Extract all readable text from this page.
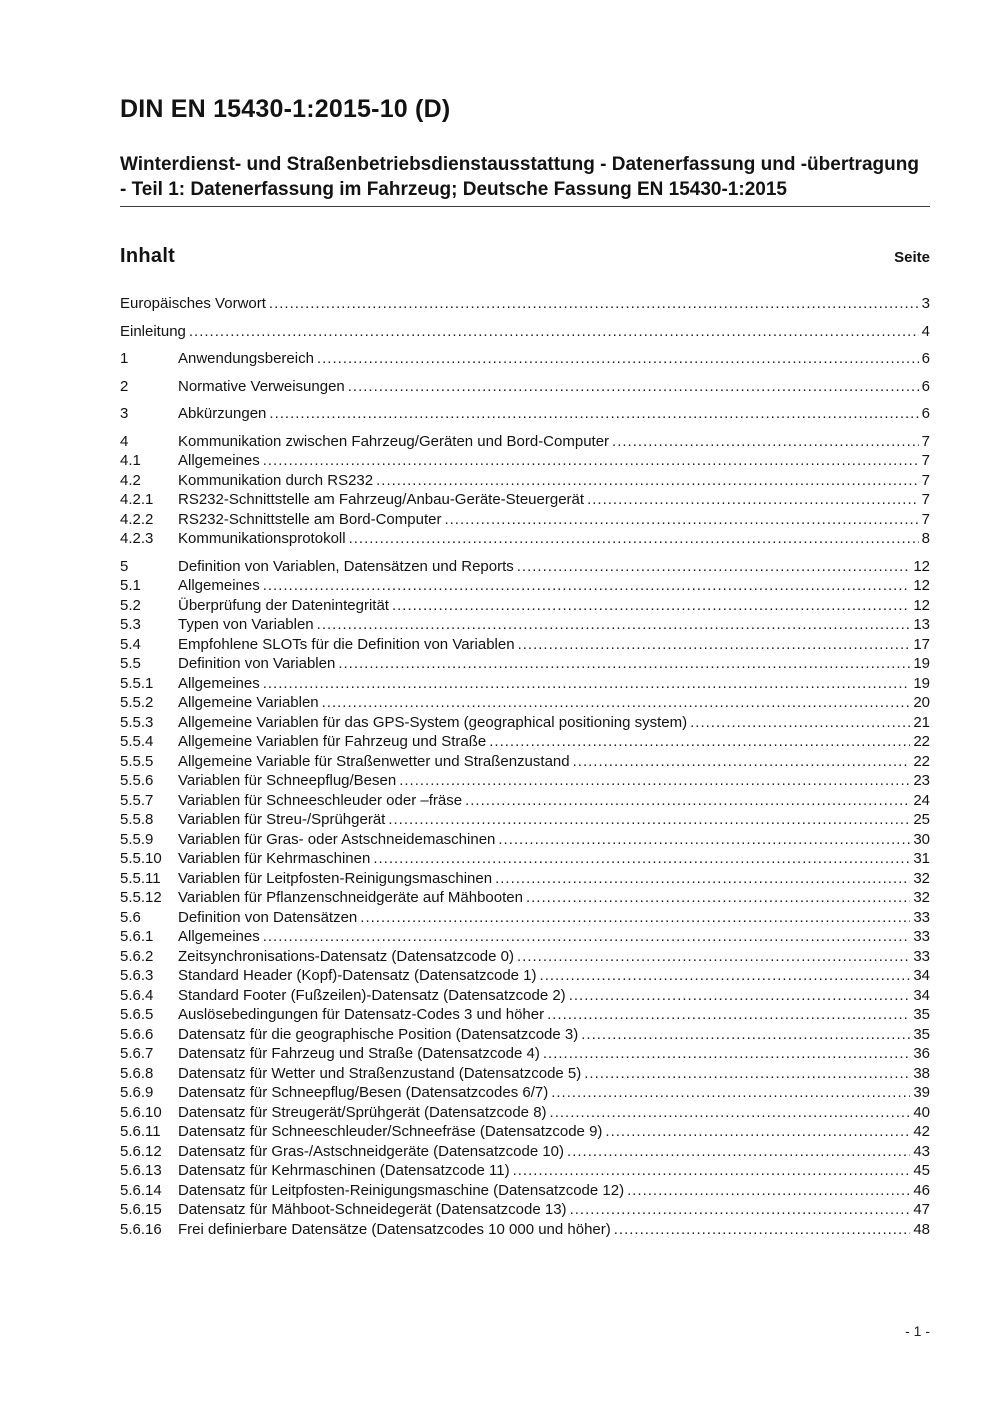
DIN EN 15430-1:2015-10 (D)
Winterdienst- und Straßenbetriebsdienstausstattung - Datenerfassung und -übertragung - Teil 1: Datenerfassung im Fahrzeug; Deutsche Fassung EN 15430-1:2015
Inhalt	Seite
Europäisches Vorwort .....	3
Einleitung .....	4
1	Anwendungsbereich .....	6
2	Normative Verweisungen .....	6
3	Abkürzungen .....	6
4	Kommunikation zwischen Fahrzeug/Geräten und Bord-Computer .....	7
4.1	Allgemeines .....	7
4.2	Kommunikation durch RS232 .....	7
4.2.1	RS232-Schnittstelle am Fahrzeug/Anbau-Geräte-Steuergerät .....	7
4.2.2	RS232-Schnittstelle am Bord-Computer .....	7
4.2.3	Kommunikationsprotokoll .....	8
5	Definition von Variablen, Datensätzen und Reports .....	12
5.1	Allgemeines .....	12
5.2	Überprüfung der Datenintegrität .....	12
5.3	Typen von Variablen .....	13
5.4	Empfohlene SLOTs für die Definition von Variablen .....	17
5.5	Definition von Variablen .....	19
5.5.1	Allgemeines .....	19
5.5.2	Allgemeine Variablen .....	20
5.5.3	Allgemeine Variablen für das GPS-System (geographical positioning system) .....	21
5.5.4	Allgemeine Variablen für Fahrzeug und Straße .....	22
5.5.5	Allgemeine Variable für Straßenwetter und Straßenzustand .....	22
5.5.6	Variablen für Schneepflug/Besen .....	23
5.5.7	Variablen für Schneeschleuder oder –fräse .....	24
5.5.8	Variablen für Streu-/Sprühgerät .....	25
5.5.9	Variablen für Gras- oder Astschneidemaschinen .....	30
5.5.10	Variablen für Kehrmaschinen .....	31
5.5.11	Variablen für Leitpfosten-Reinigungsmaschinen .....	32
5.5.12	Variablen für Pflanzenschneidgeräte auf Mähbooten .....	32
5.6	Definition von Datensätzen .....	33
5.6.1	Allgemeines .....	33
5.6.2	Zeitsynchronisations-Datensatz (Datensatzcode 0) .....	33
5.6.3	Standard Header (Kopf)-Datensatz (Datensatzcode 1) .....	34
5.6.4	Standard Footer (Fußzeilen)-Datensatz (Datensatzcode 2) .....	34
5.6.5	Auslösebedingungen für Datensatz-Codes 3 und höher .....	35
5.6.6	Datensatz für die geographische Position (Datensatzcode 3) .....	35
5.6.7	Datensatz für Fahrzeug und Straße (Datensatzcode 4) .....	36
5.6.8	Datensatz für Wetter und Straßenzustand (Datensatzcode 5) .....	38
5.6.9	Datensatz für Schneepflug/Besen (Datensatzcodes 6/7) .....	39
5.6.10	Datensatz für Streugerät/Sprühgerät (Datensatzcode 8) .....	40
5.6.11	Datensatz für Schneeschleuder/Schneefräse (Datensatzcode 9) .....	42
5.6.12	Datensatz für Gras-/Astschneidgeräte (Datensatzcode 10) .....	43
5.6.13	Datensatz für Kehrmaschinen (Datensatzcode 11) .....	45
5.6.14	Datensatz für Leitpfosten-Reinigungsmaschine (Datensatzcode 12) .....	46
5.6.15	Datensatz für Mähboot-Schneidegerät (Datensatzcode 13) .....	47
5.6.16	Frei definierbare Datensätze (Datensatzcodes 10 000 und höher) .....	48
- 1 -
